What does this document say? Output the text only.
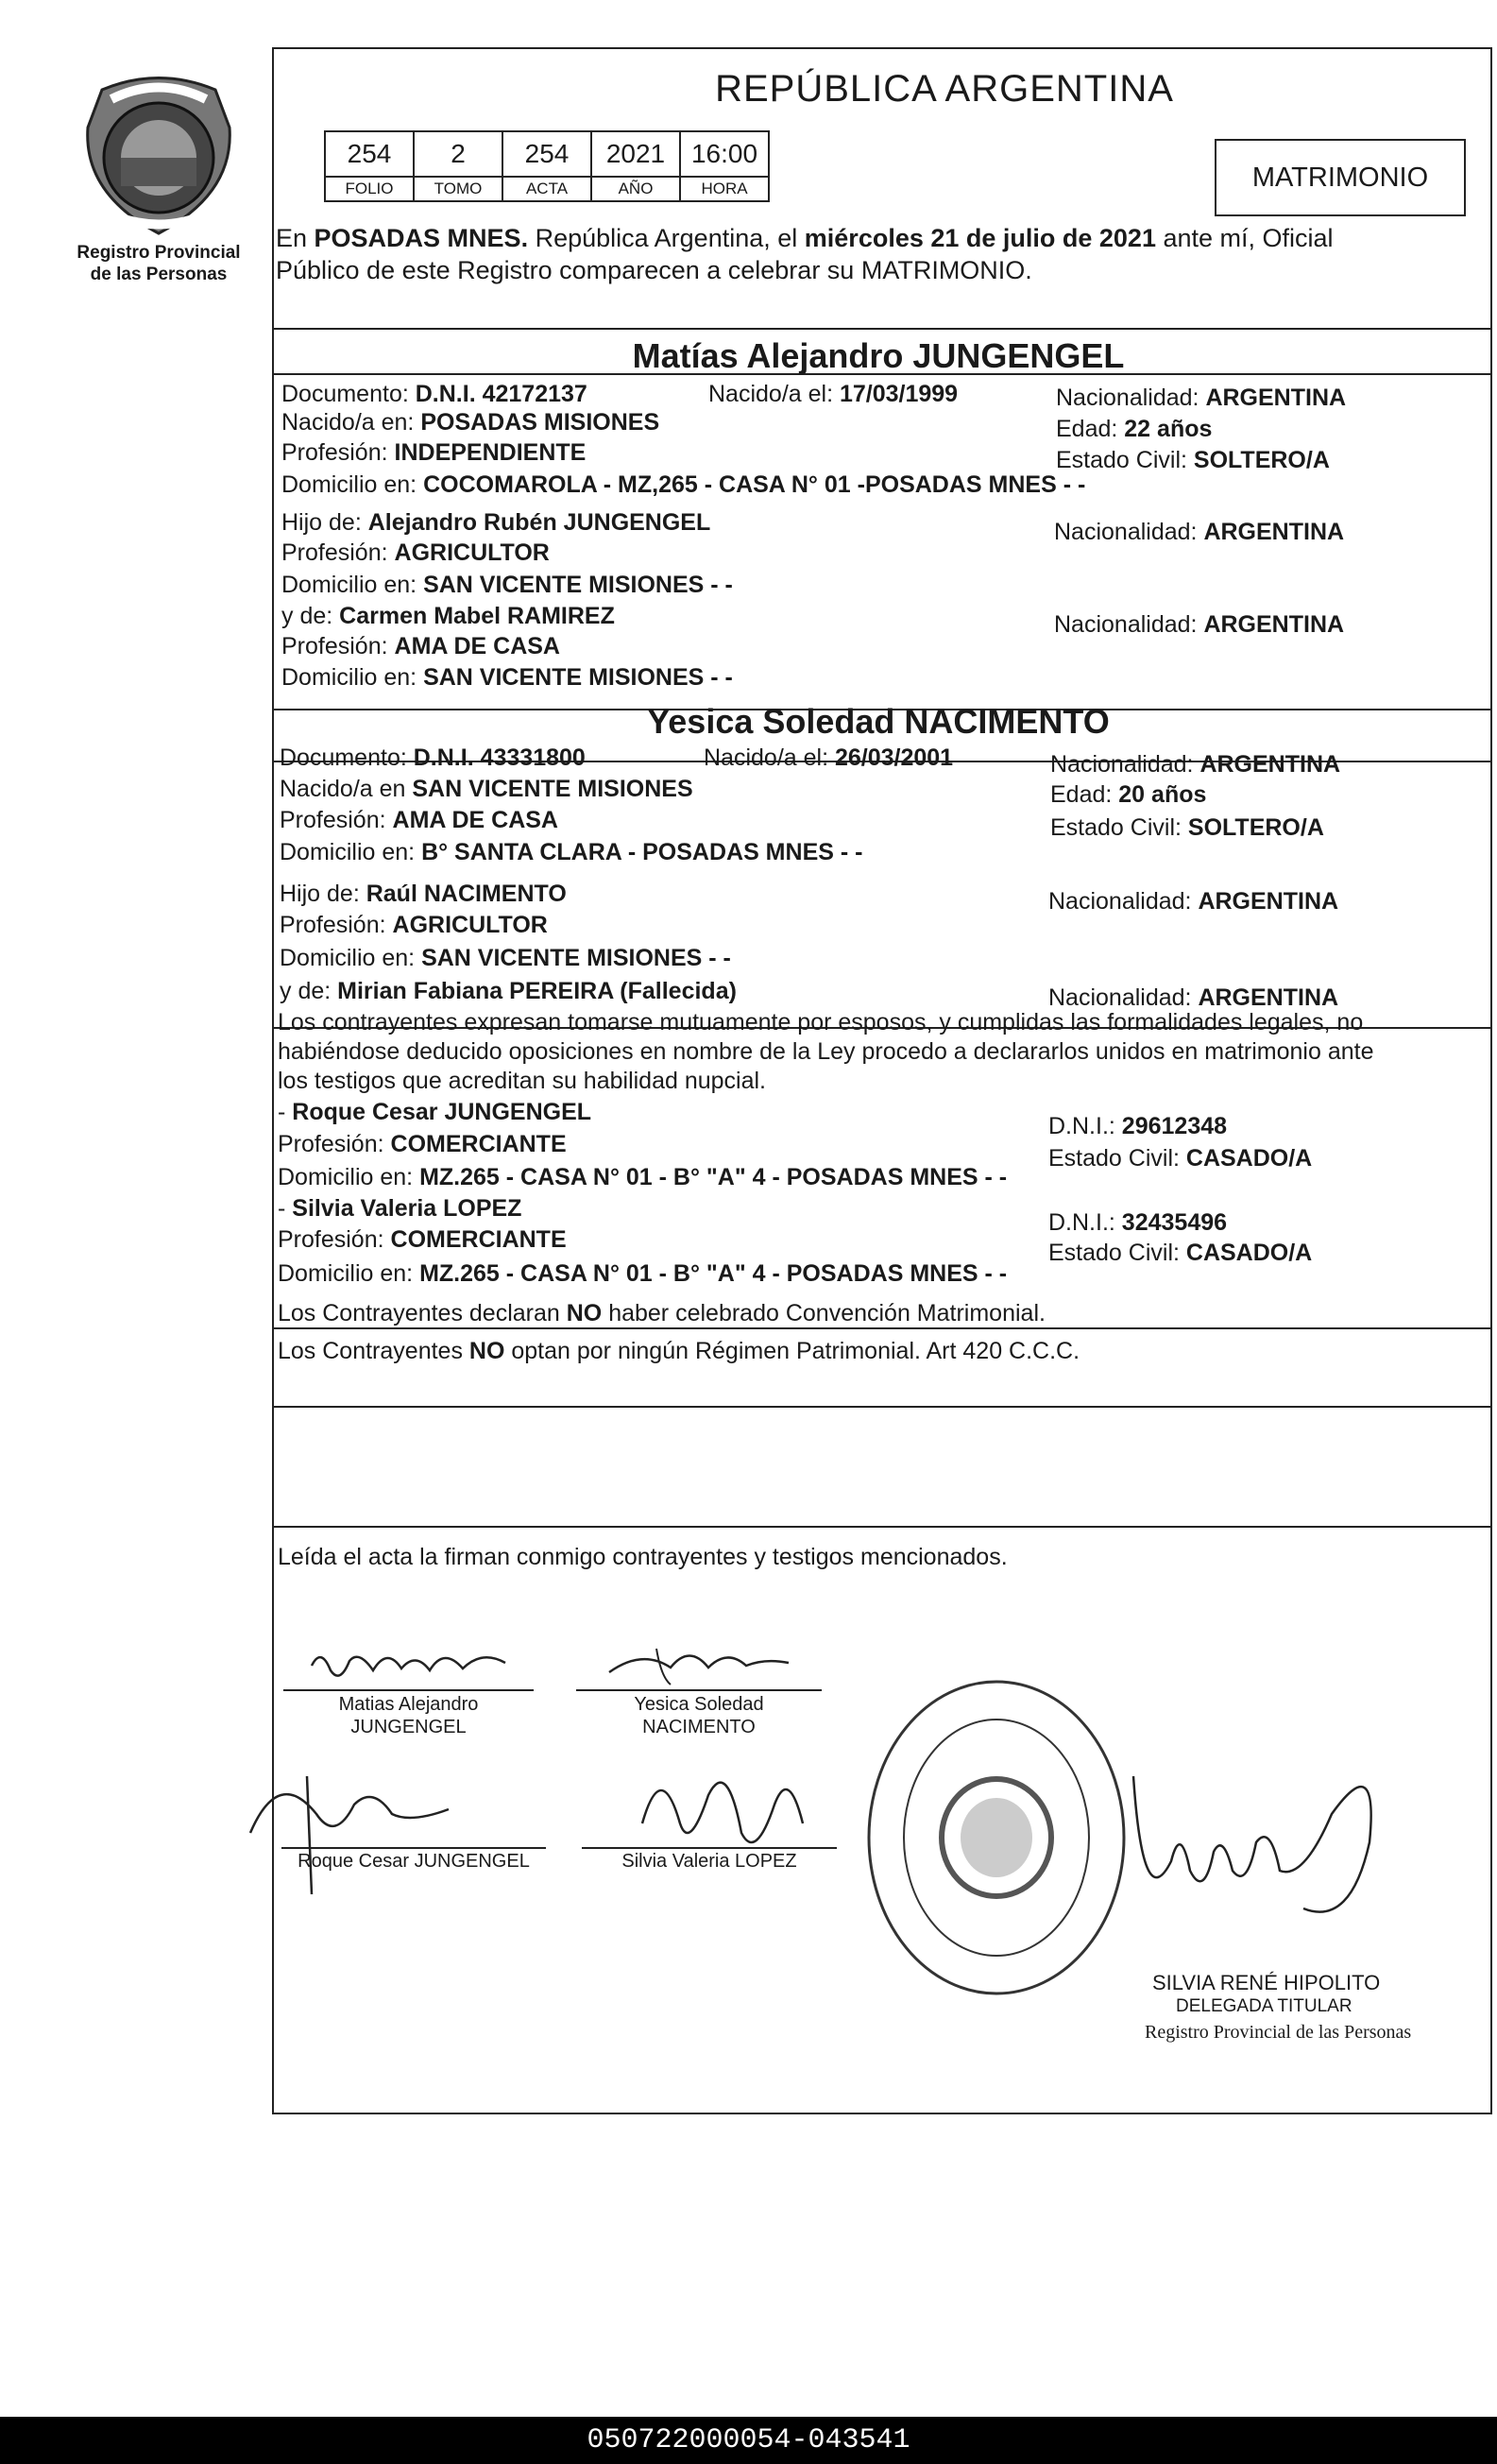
Registro Provincial
de las Personas
REPÚBLICA ARGENTINA
254	2	254	2021	16:00
FOLIO	TOMO	ACTA	AÑO	HORA	MATRIMONIO
En POSADAS MNES. República Argentina, el miércoles 21 de julio de 2021 ante mí, Oficial
Público de este Registro comparecen a celebrar su MATRIMONIO.
Matías Alejandro JUNGENGEL
Documento: D.N.I. 42172137	Nacido/a el: 17/03/1999	Nacionalidad: ARGENTINA
Nacido/a en: POSADAS MISIONES	Edad: 22 años
Profesión: INDEPENDIENTE	Estado Civil: SOLTERO/A
Domicilio en: COCOMAROLA - MZ,265 - CASA N° 01 -POSADAS MNES - -
Hijo de: Alejandro Rubén JUNGENGEL	Nacionalidad: ARGENTINA
Profesión: AGRICULTOR
Domicilio en: SAN VICENTE MISIONES - -
y de: Carmen Mabel RAMIREZ	Nacionalidad: ARGENTINA
Profesión: AMA DE CASA
Domicilio en: SAN VICENTE MISIONES - -
Yesica Soledad NACIMENTO
Documento: D.N.I. 43331800	Nacido/a el: 26/03/2001	Nacionalidad: ARGENTINA
Nacido/a en SAN VICENTE MISIONES	Edad: 20 años
Profesión: AMA DE CASA	Estado Civil: SOLTERO/A
Domicilio en: B° SANTA CLARA - POSADAS MNES - -
Hijo de: Raúl NACIMENTO	Nacionalidad: ARGENTINA
Profesión: AGRICULTOR
Domicilio en: SAN VICENTE MISIONES - -
y de: Mirian Fabiana PEREIRA (Fallecida)	Nacionalidad: ARGENTINA
Los contrayentes expresan tomarse mutuamente por esposos, y cumplidas las formalidades legales, no
habiéndose deducido oposiciones en nombre de la Ley procedo a declararlos unidos en matrimonio ante
los testigos que acreditan su habilidad nupcial.
- Roque Cesar JUNGENGEL
D.N.I.: 29612348
Profesión: COMERCIANTE
Estado Civil: CASADO/A
Domicilio en: MZ.265 - CASA N° 01 - B° "A" 4 - POSADAS MNES - -
- Silvia Valeria LOPEZ
D.N.I.: 32435496
Profesión: COMERCIANTE	Estado Civil: CASADO/A
Domicilio en: MZ.265 - CASA N° 01 - B° "A" 4 - POSADAS MNES - -
Los Contrayentes declaran NO haber celebrado Convención Matrimonial.
Los Contrayentes NO optan por ningún Régimen Patrimonial. Art 420 C.C.C.
Leída el acta la firman conmigo contrayentes y testigos mencionados.
Matias Alejandro
JUNGENGEL
Yesica Soledad
NACIMENTO
Roque Cesar JUNGENGEL	Silvia Valeria LOPEZ
SILVIA RENÉ HIPOLITO
DELEGADA TITULAR
Registro Provincial de las Personas
050722000054-043541
